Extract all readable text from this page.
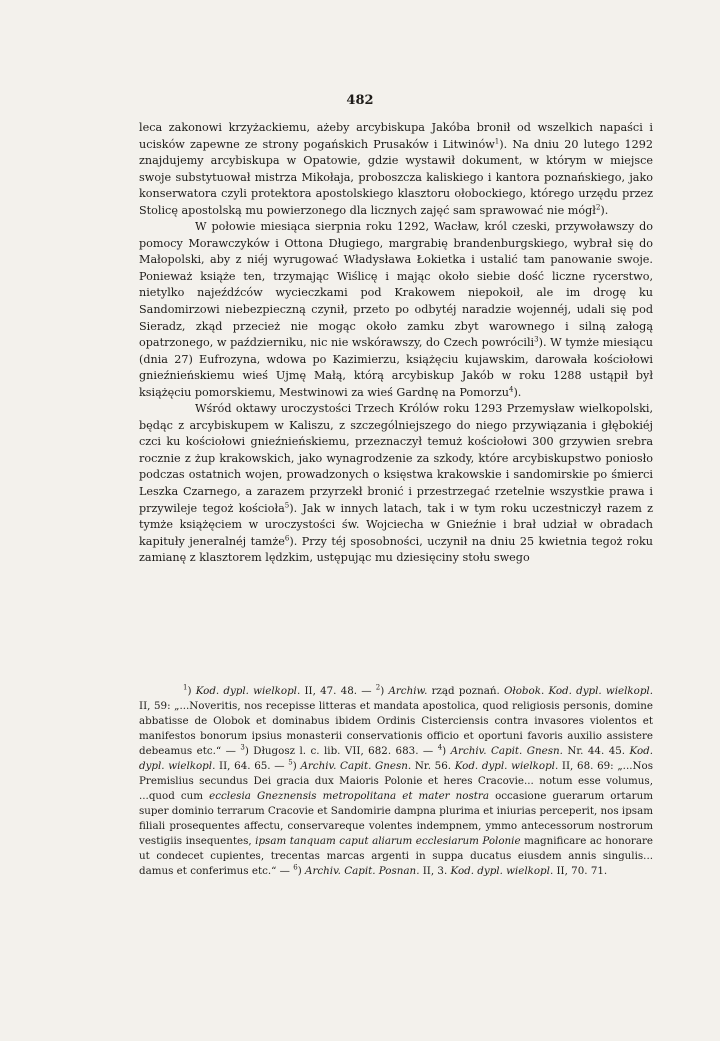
482

leca zakonowi krzyżackiemu, ażeby arcybiskupa Jakóba bronił od wszelkich napaści i ucisków zapewne ze strony pogańskich Prusaków i Litwinów$^1$). Na dniu 20 lutego 1292 znajdujemy arcybiskupa w Opatowie, gdzie wystawił dokument, w którym w miejsce swoje substytuował mistrza Mikołaja, proboszcza kaliskiego i kantora poznańskiego, jako konserwatora czyli protektora apostolskiego klasztoru ołobockiego, którego urzędu przez Stolicę apostolską mu powierzonego dla licznych zajęć sam sprawować nie mógł$^2$).

W połowie miesiąca sierpnia roku 1292, Wacław, król czeski, przywoławszy do pomocy Morawczyków i Ottona Długiego, margrabię brandenburgskiego, wybrał się do Małopolski, aby z niéj wyrugować Władysława Łokietka i ustalić tam panowanie swoje. Ponieważ książe ten, trzymając Wiślicę i mając około siebie dość liczne rycerstwo, nietylko najeźdźców wycieczkami pod Krakowem niepokoił, ale im drogę ku Sandomirzowi niebezpieczną czynił, przeto po odbytéj naradzie wojennéj, udali się pod Sieradz, zkąd przecież nie mogąc około zamku zbyt warownego i silną załogą opatrzonego, w październiku, nic nie wskórawszy, do Czech powrócili$^3$). W tymże miesiącu (dnia 27) Eufrozyna, wdowa po Kazimierzu, książęciu kujawskim, darowała kościołowi gnieźnieńskiemu wieś Ujmę Małą, którą arcybiskup Jakób w roku 1288 ustąpił był książęciu pomorskiemu, Mestwinowi za wieś Gardnę na Pomorzu$^4$).

Wśród oktawy uroczystości Trzech Królów roku 1293 Przemysław wielkopolski, będąc z arcybiskupem w Kaliszu, z szczególniejszego do niego przywiązania i głębokiéj czci ku kościołowi gnieźnieńskiemu, przeznaczył temuż kościołowi 300 grzywien srebra rocznie z żup krakowskich, jako wynagrodzenie za szkody, które arcybiskupstwo poniosło podczas ostatnich wojen, prowadzonych o księstwa krakowskie i sandomirskie po śmierci Leszka Czarnego, a zarazem przyrzekł bronić i przestrzegać rzetelnie wszystkie prawa i przywileje tegoż kościoła$^5$). Jak w innych latach, tak i w tym roku uczestniczył razem z tymże książęciem w uroczystości św. Wojciecha w Gnieźnie i brał udział w obradach kapituły jeneralnéj tamże$^6$). Przy téj sposobności, uczynił na dniu 25 kwietnia tegoż roku zamianę z klasztorem lędzkim, ustępując mu dziesięciny stołu swego

$^1$) Kod. dypl. wielkopl. II, 47. 48. — $^2$) Archiw. rząd poznań. Ołobok. Kod. dypl. wielkopl. II, 59: „...Noveritis, nos recepisse litteras et mandata apostolica, quod religiosis personis, domine abbatisse de Olobok et dominabus ibidem Ordinis Cisterciensis contra invasores violentos et manifestos bonorum ipsius monasterii conservationis officio et oportuni favoris auxilio assistere debeamus etc.“ — $^3$) Długosz l. c. lib. VII, 682. 683. — $^4$) Archiv. Capit. Gnesn. Nr. 44. 45. Kod. dypl. wielkopl. II, 64. 65. — $^5$) Archiv. Capit. Gnesn. Nr. 56. Kod. dypl. wielkopl. II, 68. 69: „...Nos Premislius secundus Dei gracia dux Maioris Polonie et heres Cracovie... notum esse volumus, ...quod cum ecclesia Gneznensis metropolitana et mater nostra occasione guerarum ortarum super dominio terrarum Cracovie et Sandomirie dampna plurima et iniurias perceperit, nos ipsam filiali prosequentes affectu, conservareque volentes indempnem, ymmo antecessorum nostrorum vestigiis insequentes, ipsam tanquam caput aliarum ecclesiarum Polonie magnificare ac honorare ut condecet cupientes, trecentas marcas argenti in suppa ducatus eiusdem annis singulis... damus et conferimus etc.“ — $^6$) Archiv. Capit. Posnan. II, 3. Kod. dypl. wielkopl. II, 70. 71.
